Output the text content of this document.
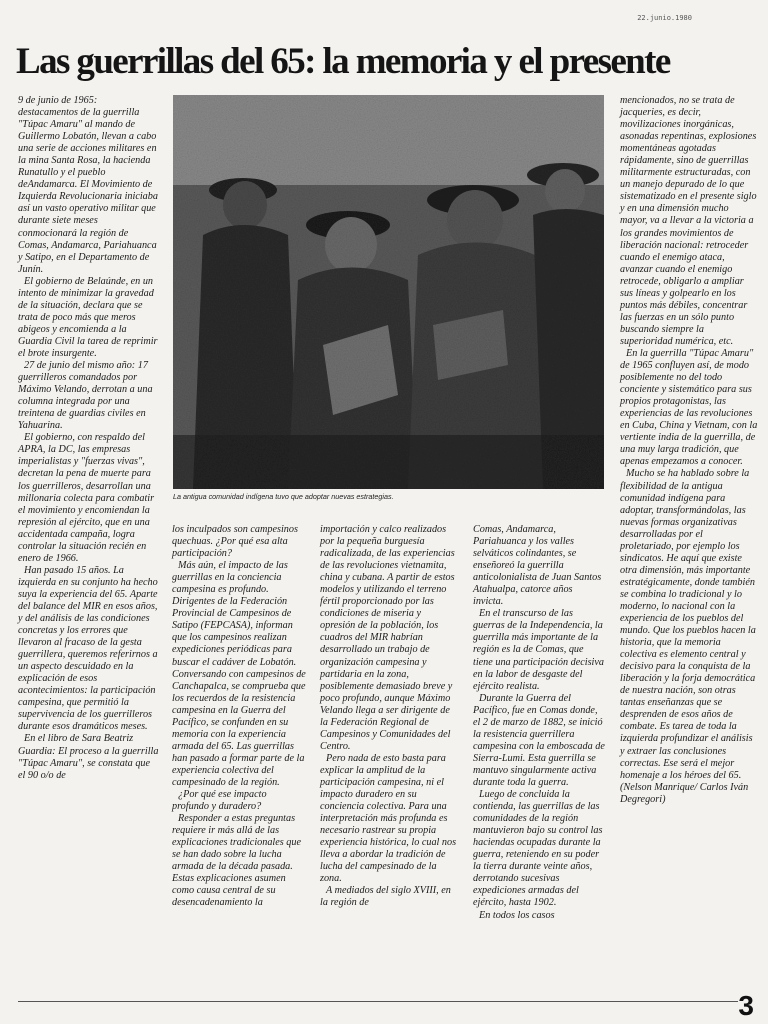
22.junio.1980
Las guerrillas del 65: la memoria y el presente

9 de junio de 1965: destacamentos de la guerrilla "Túpac Amaru" al mando de Guillermo Lobatón, llevan a cabo una serie de acciones militares en la mina Santa Rosa, la hacienda Runatullo y el pueblo deAndamarca. El Movimiento de Izquierda Revolucionaria iniciaba así un vasto operativo militar que durante siete meses conmocionará la región de Comas, Andamarca, Pariahuanca y Satipo, en el Departamento de Junín.

El gobierno de Belaúnde, en un intento de minimizar la gravedad de la situación, declara que se trata de poco más que meros abigeos y encomienda a la Guardia Civil la tarea de reprimir el brote insurgente.

27 de junio del mismo año: 17 guerrilleros comandados por Máximo Velando, derrotan a una columna integrada por una treintena de guardias civiles en Yahuarina.

El gobierno, con respaldo del APRA, la DC, las empresas imperialistas y "fuerzas vivas", decretan la pena de muerte para los guerrilleros, desarrollan una millonaria colecta para combatir el movimiento y encomiendan la represión al ejército, que en una accidentada campaña, logra controlar la situación recién en enero de 1966.

Han pasado 15 años. La izquierda en su conjunto ha hecho suya la experiencia del 65. Aparte del balance del MIR en esos años, y del análisis de las condiciones concretas y los errores que llevaron al fracaso de la gesta guerrillera, queremos referirnos a un aspecto descuidado en la explicación de esos acontecimientos: la participación campesina, que permitió la supervivencia de los guerrilleros durante esos dramáticos meses.

En el libro de Sara Beatriz Guardia: El proceso a la guerrilla "Túpac Amaru", se constata que el 90 o/o de

La antigua comunidad indígena tuvo que adoptar nuevas estrategias.

mencionados, no se trata de jacqueries, es decir, movilizaciones inorgánicas, asonadas repentinas, explosiones momentáneas agotadas rápidamente, sino de guerrillas militarmente estructuradas, con un manejo depurado de lo que sistematizado en el presente siglo y en una dimensión mucho mayor, va a llevar a la victoria a los grandes movimientos de liberación nacional: retroceder cuando el enemigo ataca, avanzar cuando el enemigo retrocede, obligarlo a ampliar sus líneas y golpearlo en los puntos más débiles, concentrar las fuerzas en un sólo punto buscando siempre la superioridad numérica, etc.

En la guerrilla "Túpac Amaru" de 1965 confluyen así, de modo posiblemente no del todo conciente y sistemático para sus propios protagonistas, las experiencias de las revoluciones en Cuba, China y Vietnam, con la vertiente india de la guerrilla, de una muy larga tradición, que apenas empezamos a conocer.

Mucho se ha hablado sobre la flexibilidad de la antigua comunidad indígena para adoptar, transformándolas, las nuevas formas organizativas desarrolladas por el proletariado, por ejemplo los sindicatos. He aquí que existe otra dimensión, más importante estratégicamente, donde también se combina lo tradicional y lo moderno, lo nacional con la experiencia de los pueblos del mundo. Que los pueblos hacen la historia, que la memoria colectiva es elemento central y decisivo para la conquista de la liberación y la forja democrática de nuestra nación, son otras tantas enseñanzas que se desprenden de esos años de combate. Es tarea de toda la izquierda profundizar el análisis y extraer las conclusiones correctas. Ese será el mejor homenaje a los héroes del 65. (Nelson Manrique/ Carlos Iván Degregori)

los inculpados son campesinos quechuas. ¿Por qué esa alta participación?

Más aún, el impacto de las guerrillas en la conciencia campesina es profundo. Dirigentes de la Federación Provincial de Campesinos de Satipo (FEPCASA), informan que los campesinos realizan expediciones periódicas para buscar el cadáver de Lobatón. Conversando con campesinos de Canchapalca, se comprueba que los recuerdos de la resistencia campesina en la Guerra del Pacífico, se confunden en su memoria con la experiencia armada del 65. Las guerrillas han pasado a formar parte de la experiencia colectiva del campesinado de la región.

¿Por qué ese impacto profundo y duradero?

Responder a estas preguntas requiere ir más allá de las explicaciones tradicionales que se han dado sobre la lucha armada de la década pasada. Estas explicaciones asumen como causa central de su desencadenamiento la

importación y calco realizados por la pequeña burguesía radicalizada, de las experiencias de las revoluciones vietnamita, china y cubana. A partir de estos modelos y utilizando el terreno fértil proporcionado por las condiciones de miseria y opresión de la población, los cuadros del MIR habrían desarrollado un trabajo de organización campesina y partidaria en la zona, posiblemente demasiado breve y poco profundo, aunque Máximo Velando llega a ser dirigente de la Federación Regional de Campesinos y Comunidades del Centro.

Pero nada de esto basta para explicar la amplitud de la participación campesina, ni el impacto duradero en su conciencia colectiva. Para una interpretación más profunda es necesario rastrear su propia experiencia histórica, lo cual nos lleva a abordar la tradición de lucha del campesinado de la zona.

A mediados del siglo XVIII, en la región de

Comas, Andamarca, Pariahuanca y los valles selváticos colindantes, se enseñoreó la guerrilla anticolonialista de Juan Santos Atahualpa, catorce años invicta.

En el transcurso de las guerras de la Independencia, la guerrilla más importante de la región es la de Comas, que tiene una participación decisiva en la labor de desgaste del ejército realista.

Durante la Guerra del Pacífico, fue en Comas donde, el 2 de marzo de 1882, se inició la resistencia guerrillera campesina con la emboscada de Sierra-Lumi. Esta guerrilla se mantuvo singularmente activa durante toda la guerra.

Luego de concluida la contienda, las guerrillas de las comunidades de la región mantuvieron bajo su control las haciendas ocupadas durante la guerra, reteniendo en su poder la tierra durante veinte años, derrotando sucesivas expediciones armadas del ejército, hasta 1902.

En todos los casos

3
